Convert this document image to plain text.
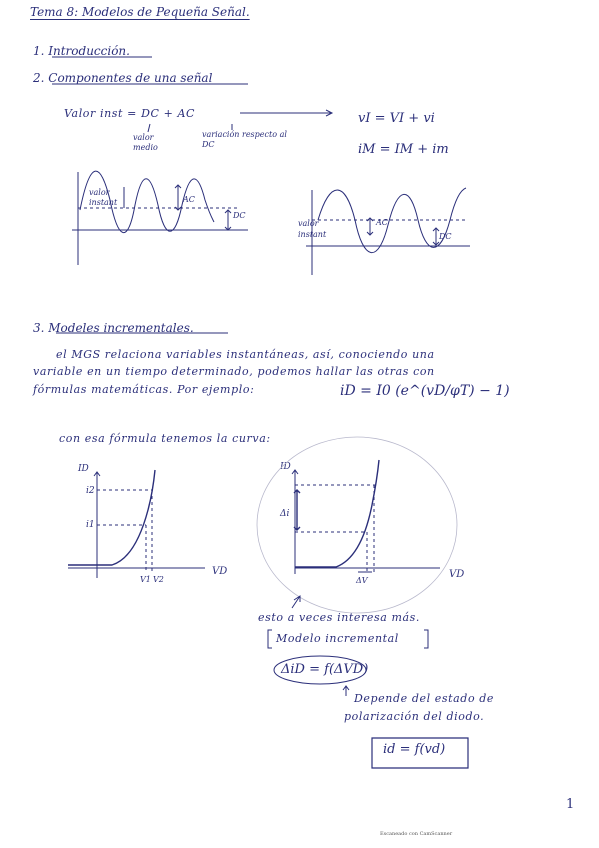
Tema 8: Modelos de Pequeña Señal.
1. Introducción.
2. Componentes de una señal
Valor inst = DC + AC
valor medio
variación respecto al DC
vI = VI + vi
iM = IM + im
valor
instant	AC
DC
valor
instant
AC
DC
3. Modeles incrementales.
el MGS relaciona variables instantáneas, así, conociendo una
variable en un tiempo determinado, podemos hallar las otras con
fórmulas matemáticas. Por ejemplo:	iD = I0 (e^(vD/φT) − 1)
con esa fórmula tenemos la curva:
ID
i2
i1
VD
V1 V2
ID
Δi
VD
ΔV
esto a veces interesa más.
Modelo incremental
ΔiD = f(ΔVD)
Depende del estado de
polarización del diodo.
id = f(vd)
1
Escaneado con CamScanner
